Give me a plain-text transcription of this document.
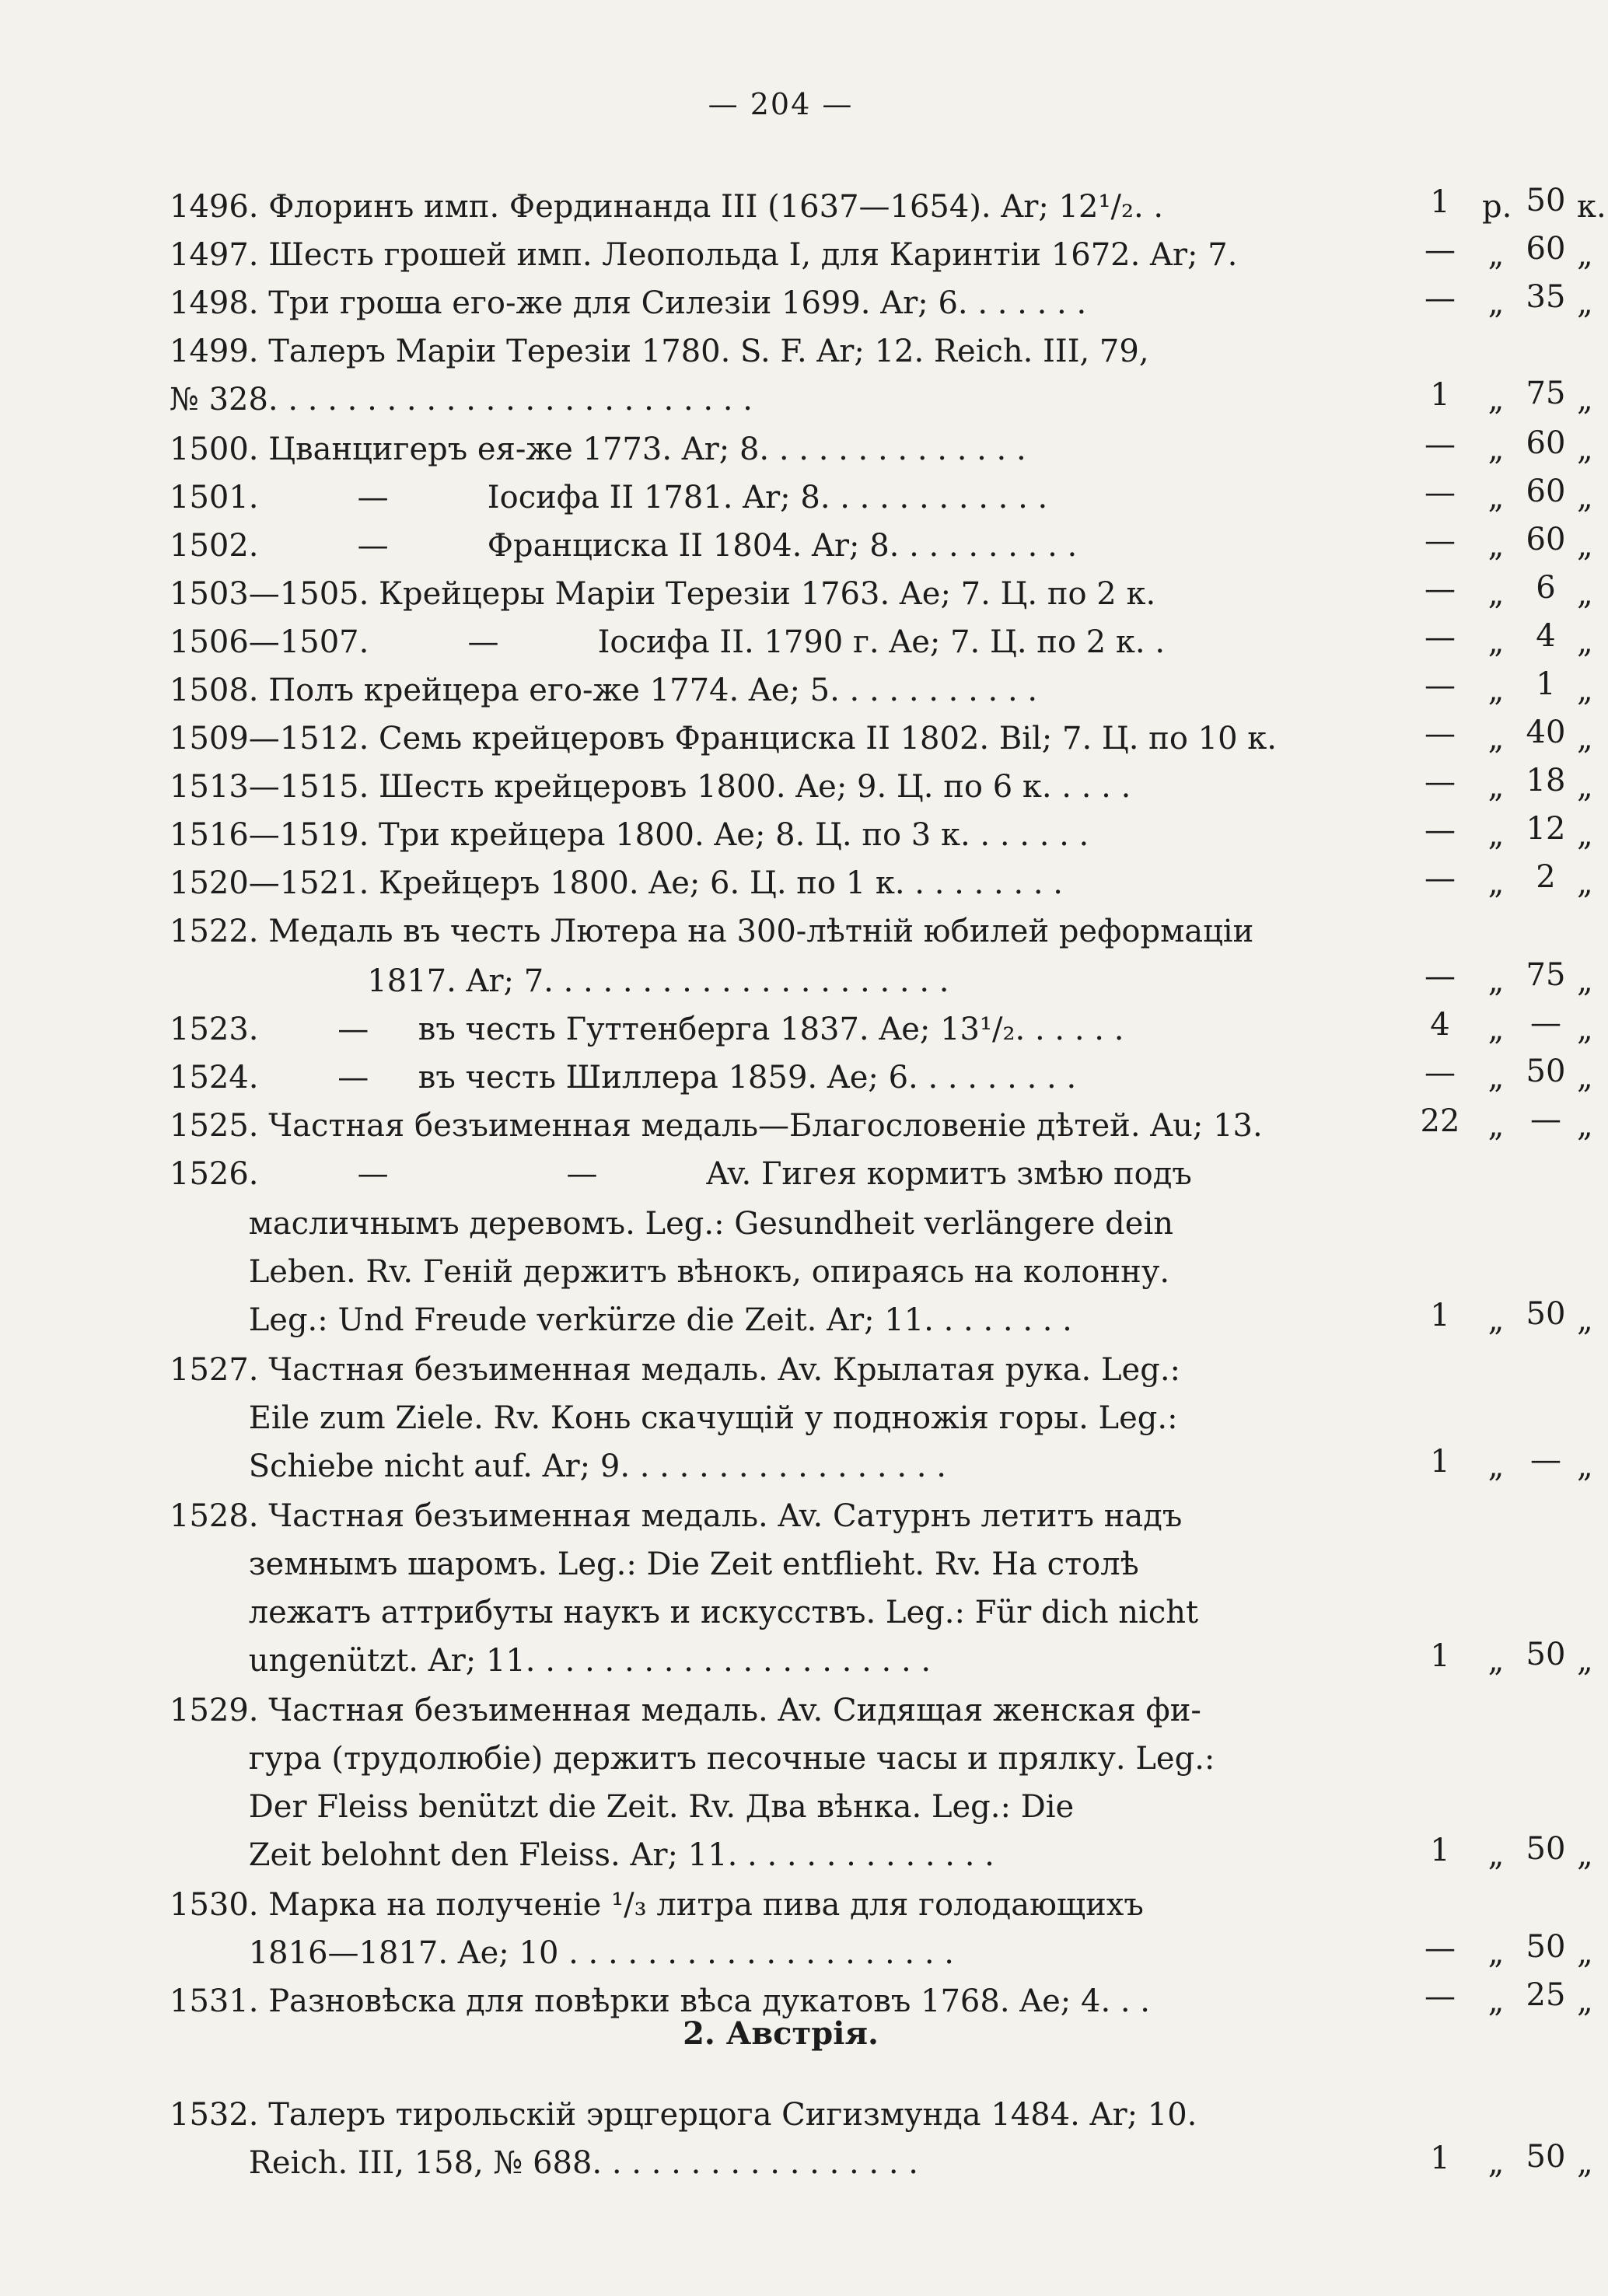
— 204 —
1496. Флоринъ имп. Фердинанда III (1637—1654). Ar; 12¹/₂. .	1	р. 50 к.
1497. Шесть грошей имп. Леопольда I, для Каринтіи 1672. Ar; 7.	— „ 60 „
1498. Три гроша его-же для Силезіи 1699. Ar; 6. . . . . . .	— „ 35 „
1499. Талеръ Маріи Терезіи 1780. S. F. Ar; 12. Reich. III, 79,
№ 328. . . . . . . . . . . . . . . . . . . . . . . . .	1	„ 75 „
1500. Цванцигеръ ея-же 1773. Ar; 8. . . . . . . . . . . . . .	— „ 60 „
1501.          —          Іосифа II 1781. Ar; 8. . . . . . . . . . . .	— „ 60 „
1502.          —          Франциска II 1804. Ar; 8. . . . . . . . . .	— „ 60 „
1503—1505. Крейцеры Маріи Терезіи 1763. Ae; 7. Ц. по 2 к.	— „	6 „
1506—1507.          —          Іосифа II. 1790 г. Ae; 7. Ц. по 2 к. .	— „	4 „
1508. Полъ крейцера его-же 1774. Ae; 5. . . . . . . . . . .	— „	1 „
1509—1512. Семь крейцеровъ Франциска II 1802. Bil; 7. Ц. по 10 к.	— „ 40 „
1513—1515. Шесть крейцеровъ 1800. Ae; 9. Ц. по 6 к. . . . .	— „ 18 „
1516—1519. Три крейцера 1800. Ae; 8. Ц. по 3 к. . . . . . .	— „ 12 „
1520—1521. Крейцеръ 1800. Ae; 6. Ц. по 1 к. . . . . . . . .	— „	2 „
1522. Медаль въ честь Лютера на 300-лѣтній юбилей реформаціи
1817. Ar; 7. . . . . . . . . . . . . . . . . . . . .	— „ 75 „
1523.        —     въ честь Гуттенберга 1837. Ae; 13¹/₂. . . . . .	4	„ — „
1524.        —     въ честь Шиллера 1859. Ae; 6. . . . . . . . .	— „ 50 „
1525. Частная безъименная медаль—Благословеніе дѣтей. Au; 13.	22 „ — „
1526.          —                  —           Av. Гигея кормитъ змѣю подъ
масличнымъ деревомъ. Leg.: Gesundheit verlängere dein
Leben. Rv. Геній держитъ вѣнокъ, опираясь на колонну.
Leg.: Und Freude verkürze die Zeit. Ar; 11. . . . . . . .	1	„ 50 „
1527. Частная безъименная медаль. Av. Крылатая рука. Leg.:
Eile zum Ziele. Rv. Конь скачущій у подножія горы. Leg.:
Schiebe nicht auf. Ar; 9. . . . . . . . . . . . . . . . .	1	„ — „
1528. Частная безъименная медаль. Av. Сатурнъ летитъ надъ
земнымъ шаромъ. Leg.: Die Zeit entflieht. Rv. На столѣ
лежатъ аттрибуты наукъ и искусствъ. Leg.: Für dich nicht
ungenützt. Ar; 11. . . . . . . . . . . . . . . . . . . . .	1	„ 50 „
1529. Частная безъименная медаль. Av. Сидящая женская фи-
гура (трудолюбіе) держитъ песочные часы и прялку. Leg.:
Der Fleiss benützt die Zeit. Rv. Два вѣнка. Leg.: Die
Zeit belohnt den Fleiss. Ar; 11. . . . . . . . . . . . . .	1	„ 50 „
1530. Марка на полученіе ¹/₃ литра пива для голодающихъ
1816—1817. Ae; 10 . . . . . . . . . . . . . . . . . . . .	— „ 50 „
1531. Разновѣска для повѣрки вѣса дукатовъ 1768. Ae; 4. . .	— „ 25 „
1532. Талеръ тирольскій эрцгерцога Сигизмунда 1484. Ar; 10.
Reich. III, 158, № 688. . . . . . . . . . . . . . . . .	1	„ 50 „
2. Австрія.
